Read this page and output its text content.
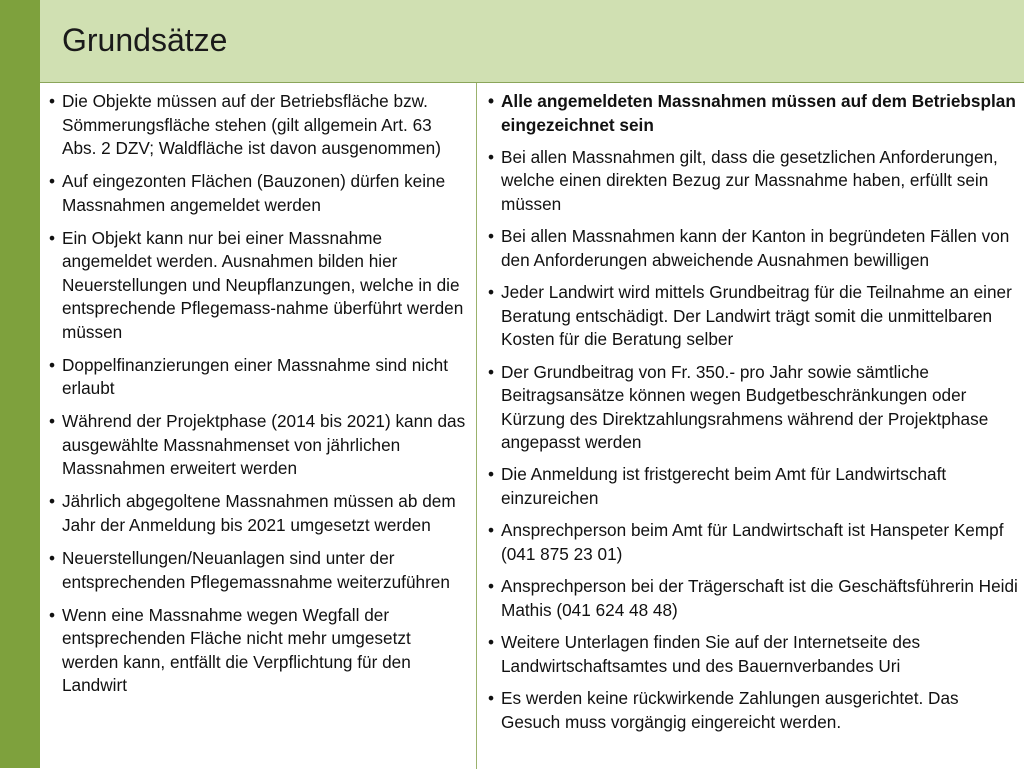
Grundsätze
• Die Objekte müssen auf der Betriebsfläche bzw. Sömmerungsfläche stehen (gilt allgemein Art. 63 Abs. 2 DZV; Waldfläche ist davon ausgenommen)
• Auf eingezonten Flächen (Bauzonen) dürfen keine Massnahmen angemeldet werden
• Ein Objekt kann nur bei einer Massnahme angemeldet werden. Ausnahmen bilden hier Neuerstellungen und Neupflanzungen, welche in die entsprechende Pflegemass-nahme überführt werden müssen
• Doppelfinanzierungen einer Massnahme sind nicht erlaubt
• Während der Projektphase (2014 bis 2021) kann das ausgewählte Massnahmenset von jährlichen Massnahmen erweitert werden
• Jährlich abgegoltene Massnahmen müssen ab dem Jahr der Anmeldung bis 2021 umgesetzt werden
• Neuerstellungen/Neuanlagen sind unter der entsprechenden Pflegemassnahme weiterzuführen
• Wenn eine Massnahme wegen Wegfall der entsprechenden Fläche nicht mehr umgesetzt werden kann, entfällt die Verpflichtung für den Landwirt
• Alle angemeldeten Massnahmen müssen auf dem Betriebsplan eingezeichnet sein
• Bei allen Massnahmen gilt, dass die gesetzlichen Anforderungen, welche einen direkten Bezug zur Massnahme haben, erfüllt sein müssen
• Bei allen Massnahmen kann der Kanton in begründeten Fällen von den Anforderungen abweichende Ausnahmen bewilligen
• Jeder Landwirt wird mittels Grundbeitrag für die Teilnahme an einer Beratung entschädigt. Der Landwirt trägt somit die unmittelbaren Kosten für die Beratung selber
• Der Grundbeitrag von Fr. 350.- pro Jahr sowie sämtliche Beitragsansätze können wegen Budgetbeschränkungen oder Kürzung des Direktzahlungsrahmens während der Projektphase angepasst werden
• Die Anmeldung ist fristgerecht beim Amt für Landwirtschaft einzureichen
• Ansprechperson beim Amt für Landwirtschaft ist Hanspeter Kempf (041 875 23 01)
• Ansprechperson bei der Trägerschaft ist die Geschäftsführerin Heidi Mathis (041 624 48 48)
• Weitere Unterlagen finden Sie auf der Internetseite des Landwirtschaftsamtes und des Bauernverbandes Uri
• Es werden keine rückwirkende Zahlungen ausgerichtet. Das Gesuch muss vorgängig eingereicht werden.
